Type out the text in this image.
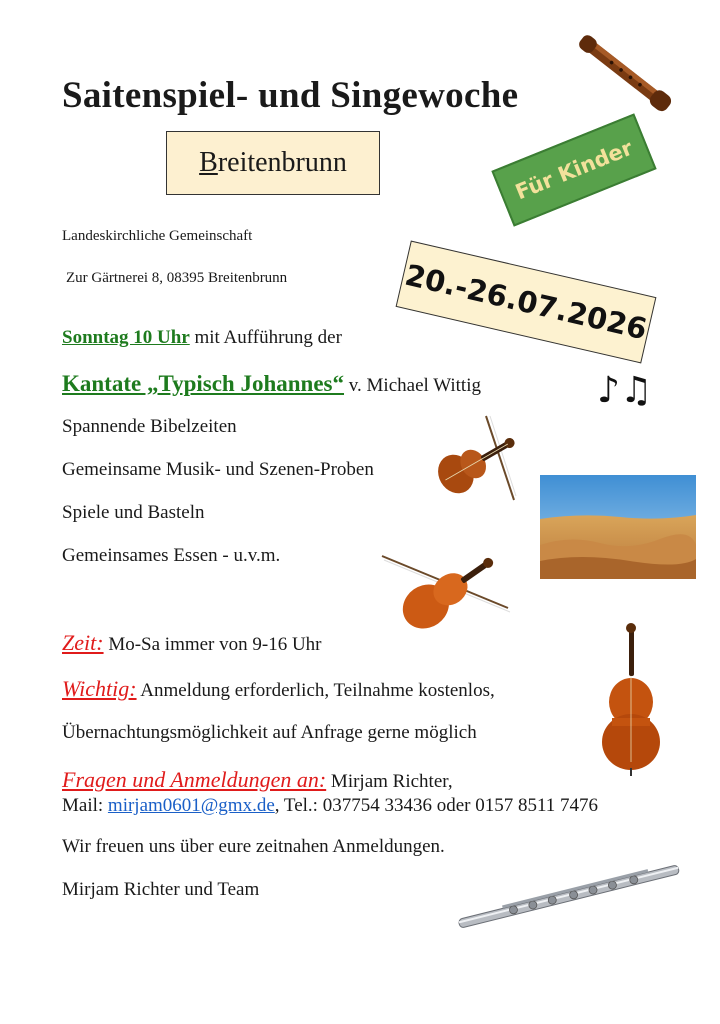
Saitenspiel- und Singewoche
B reitenbrunn	Für Kinder
Landeskirchliche Gemeinschaft
Zur Gärtnerei 8, 08395 Breitenbrunn	20.-26.07.2026
Sonntag 10 Uhr mit Aufführung der
Kantate „Typisch Johannes“ v. Michael Wittig	♪♫
Spannende Bibelzeiten
Gemeinsame Musik- und Szenen-Proben
Spiele und Basteln
Gemeinsames Essen - u.v.m.
Zeit: Mo-Sa immer von 9-16 Uhr
Wichtig: Anmeldung erforderlich, Teilnahme kostenlos,
Übernachtungsmöglichkeit auf Anfrage gerne möglich
Fragen und Anmeldungen an: Mirjam Richter,
Mail: mirjam0601@gmx.de, Tel.: 037754 33436 oder 0157 8511 7476
Wir freuen uns über eure zeitnahen Anmeldungen.
Mirjam Richter und Team
